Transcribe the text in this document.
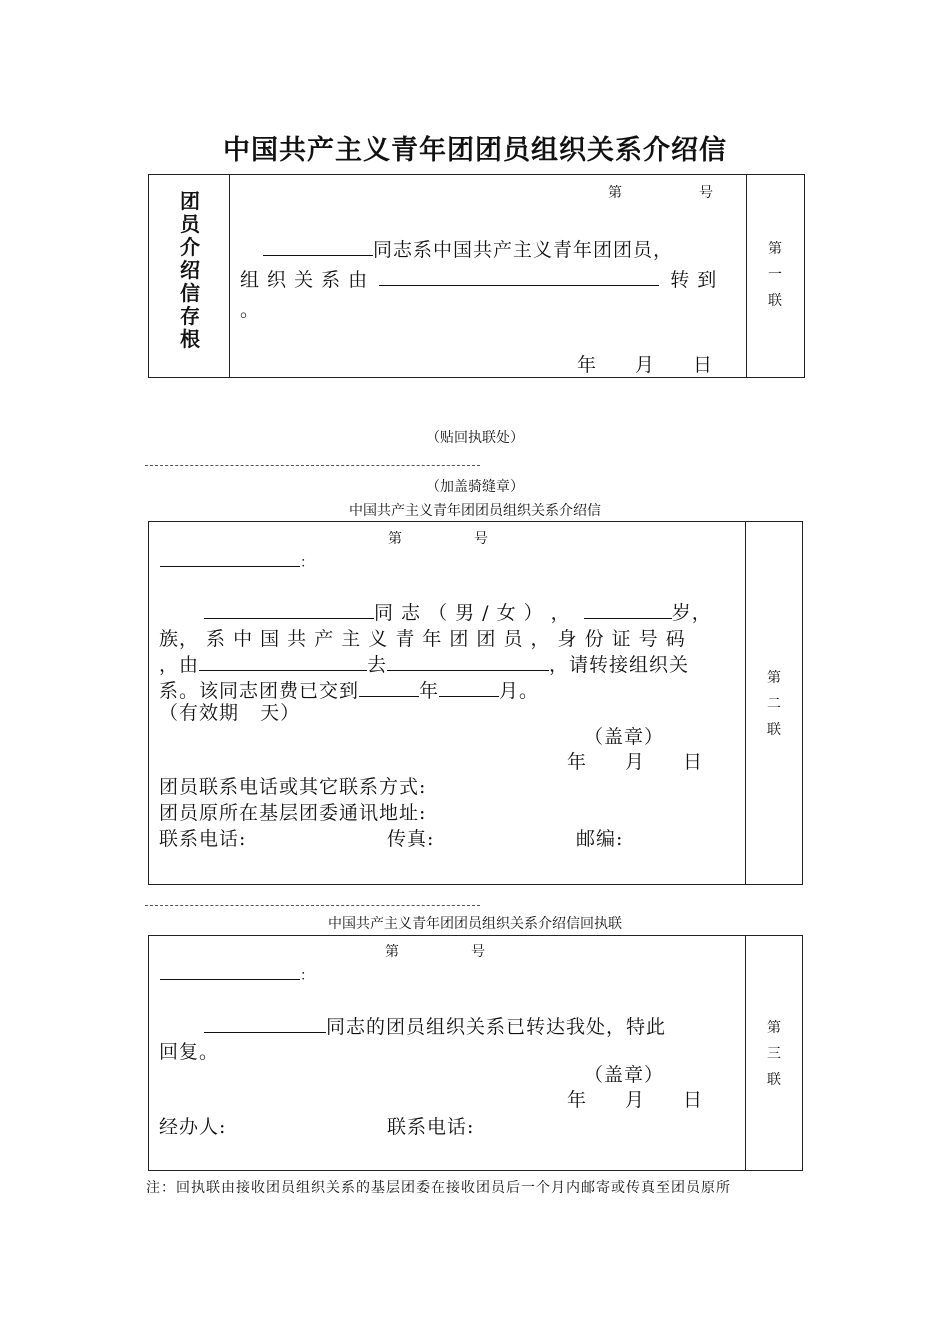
中国共产主义青年团团员组织关系介绍信
团
员
介
绍
信
存
根
第	号
同志系中国共产主义青年团团员，
组 织 关 系 由	转 到
。
年 月 日
第
一
联
（贴回执联处）
（加盖骑缝章）
中国共产主义青年团团员组织关系介绍信
第	号
：
同 志 （ 男 / 女 ） ，	岁，
族， 系 中 国 共 产 主 义 青 年 团 团 员 ， 身 份 证 号 码
，由	去	，请转接组织关
系。该同志团费已交到	年	月。
（有效期   天）
（盖章）
年 月 日
团员联系电话或其它联系方式:
团员原所在基层团委通讯地址:
联系电话:	传真:	邮编:
第
二
联
中国共产主义青年团团员组织关系介绍信回执联
第	号
：
同志的团员组织关系已转达我处，特此
回复。
（盖章）
年 月 日
经办人:	联系电话:
第
三
联
注：回执联由接收团员组织关系的基层团委在接收团员后一个月内邮寄或传真至团员原所
